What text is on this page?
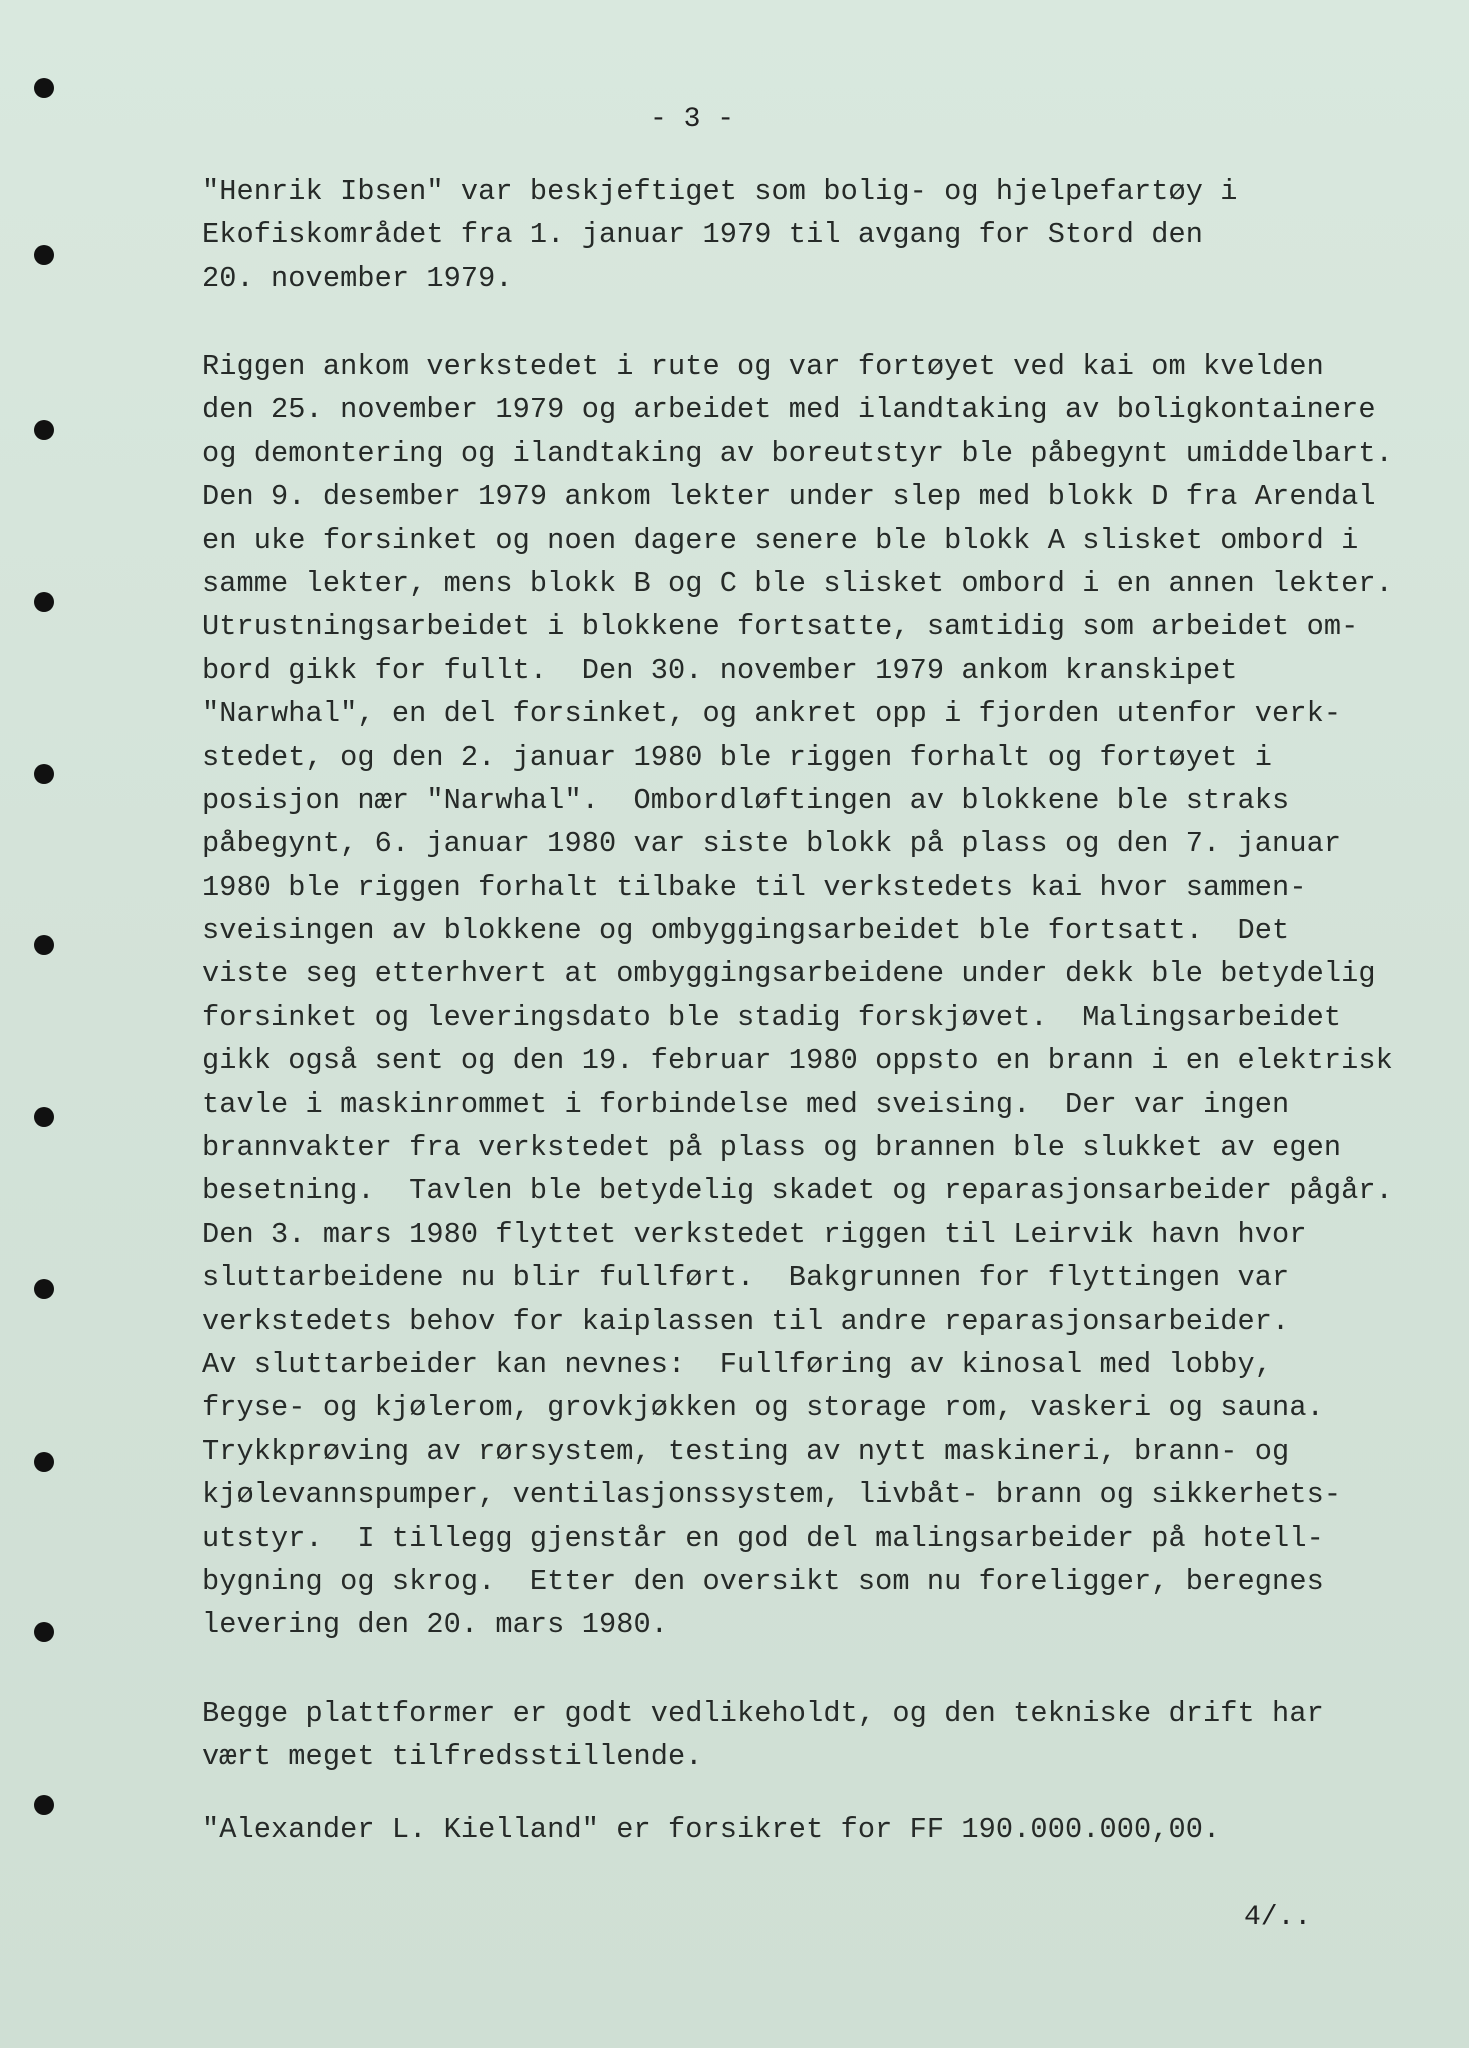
- 3 -
"Henrik Ibsen" var beskjeftiget som bolig- og hjelpefartøy i
Ekofiskområdet fra 1. januar 1979 til avgang for Stord den
20. november 1979.
Riggen ankom verkstedet i rute og var fortøyet ved kai om kvelden
den 25. november 1979 og arbeidet med ilandtaking av boligkontainere
og demontering og ilandtaking av boreutstyr ble påbegynt umiddelbart.
Den 9. desember 1979 ankom lekter under slep med blokk D fra Arendal
en uke forsinket og noen dagere senere ble blokk A slisket ombord i
samme lekter, mens blokk B og C ble slisket ombord i en annen lekter.
Utrustningsarbeidet i blokkene fortsatte, samtidig som arbeidet om-
bord gikk for fullt.  Den 30. november 1979 ankom kranskipet
"Narwhal", en del forsinket, og ankret opp i fjorden utenfor verk-
stedet, og den 2. januar 1980 ble riggen forhalt og fortøyet i
posisjon nær "Narwhal".  Ombordløftingen av blokkene ble straks
påbegynt, 6. januar 1980 var siste blokk på plass og den 7. januar
1980 ble riggen forhalt tilbake til verkstedets kai hvor sammen-
sveisingen av blokkene og ombyggingsarbeidet ble fortsatt.  Det
viste seg etterhvert at ombyggingsarbeidene under dekk ble betydelig
forsinket og leveringsdato ble stadig forskjøvet.  Malingsarbeidet
gikk også sent og den 19. februar 1980 oppsto en brann i en elektrisk
tavle i maskinrommet i forbindelse med sveising.  Der var ingen
brannvakter fra verkstedet på plass og brannen ble slukket av egen
besetning.  Tavlen ble betydelig skadet og reparasjonsarbeider pågår.
Den 3. mars 1980 flyttet verkstedet riggen til Leirvik havn hvor
sluttarbeidene nu blir fullført.  Bakgrunnen for flyttingen var
verkstedets behov for kaiplassen til andre reparasjonsarbeider.
Av sluttarbeider kan nevnes:  Fullføring av kinosal med lobby,
fryse- og kjølerom, grovkjøkken og storage rom, vaskeri og sauna.
Trykkprøving av rørsystem, testing av nytt maskineri, brann- og
kjølevannspumper, ventilasjonssystem, livbåt- brann og sikkerhets-
utstyr.  I tillegg gjenstår en god del malingsarbeider på hotell-
bygning og skrog.  Etter den oversikt som nu foreligger, beregnes
levering den 20. mars 1980.
Begge plattformer er godt vedlikeholdt, og den tekniske drift har
vært meget tilfredsstillende.
"Alexander L. Kielland" er forsikret for FF 190.000.000,00.
4/..
